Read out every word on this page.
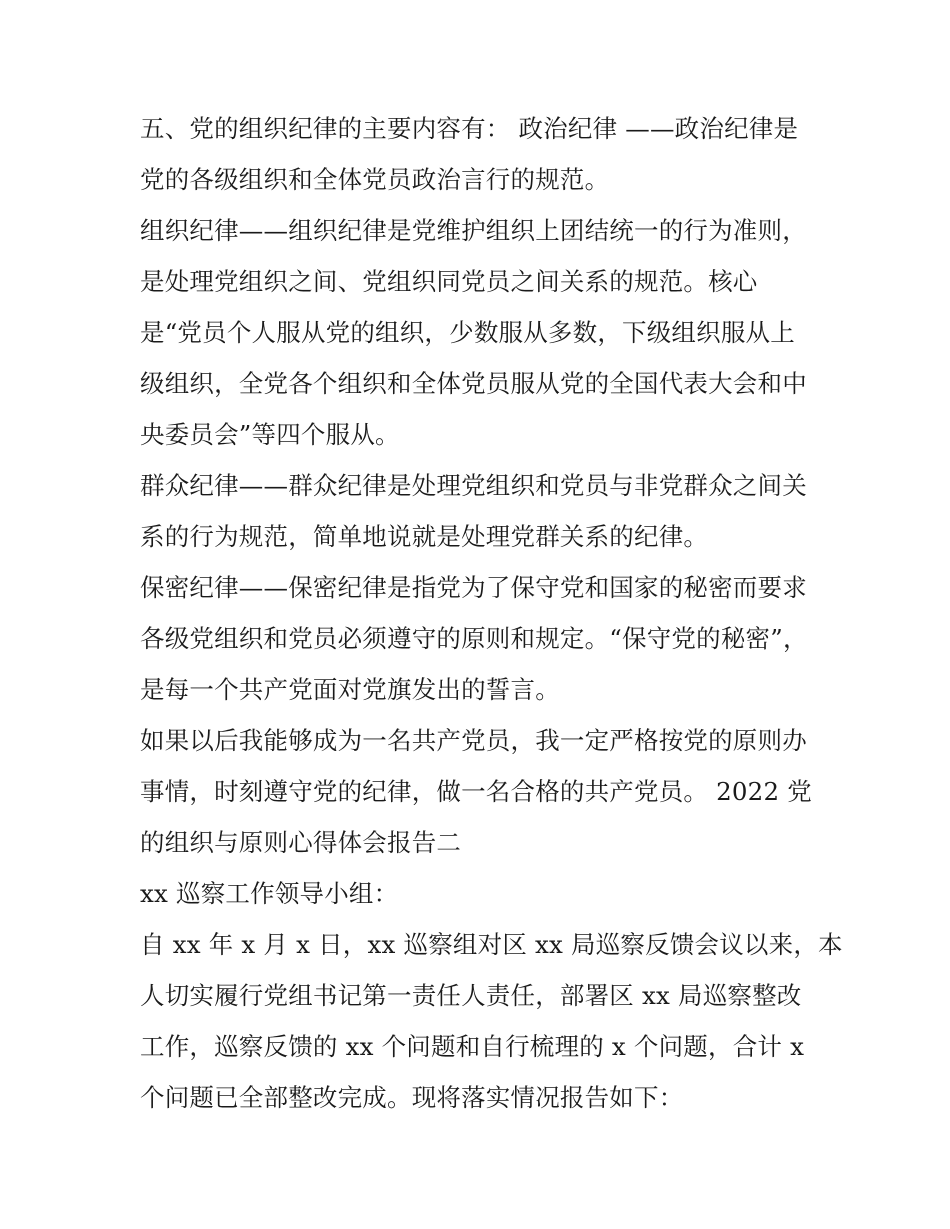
五、党的组织纪律的主要内容有： 政治纪律 ——政治纪律是

党的各级组织和全体党员政治言行的规范。

组织纪律——组织纪律是党维护组织上团结统一的行为准则，

是处理党组织之间、党组织同党员之间关系的规范。核心

是“党员个人服从党的组织，少数服从多数，下级组织服从上

级组织，全党各个组织和全体党员服从党的全国代表大会和中

央委员会”等四个服从。

群众纪律——群众纪律是处理党组织和党员与非党群众之间关

系的行为规范，简单地说就是处理党群关系的纪律。

保密纪律——保密纪律是指党为了保守党和国家的秘密而要求

各级党组织和党员必须遵守的原则和规定。“保守党的秘密”，

是每一个共产党面对党旗发出的誓言。

如果以后我能够成为一名共产党员，我一定严格按党的原则办

事情，时刻遵守党的纪律，做一名合格的共产党员。 2022 党

的组织与原则心得体会报告二

xx 巡察工作领导小组：

自 xx 年 x 月 x 日，xx 巡察组对区 xx 局巡察反馈会议以来，本

人切实履行党组书记第一责任人责任，部署区 xx 局巡察整改

工作，巡察反馈的 xx 个问题和自行梳理的 x 个问题，合计 x

个问题已全部整改完成。现将落实情况报告如下：
